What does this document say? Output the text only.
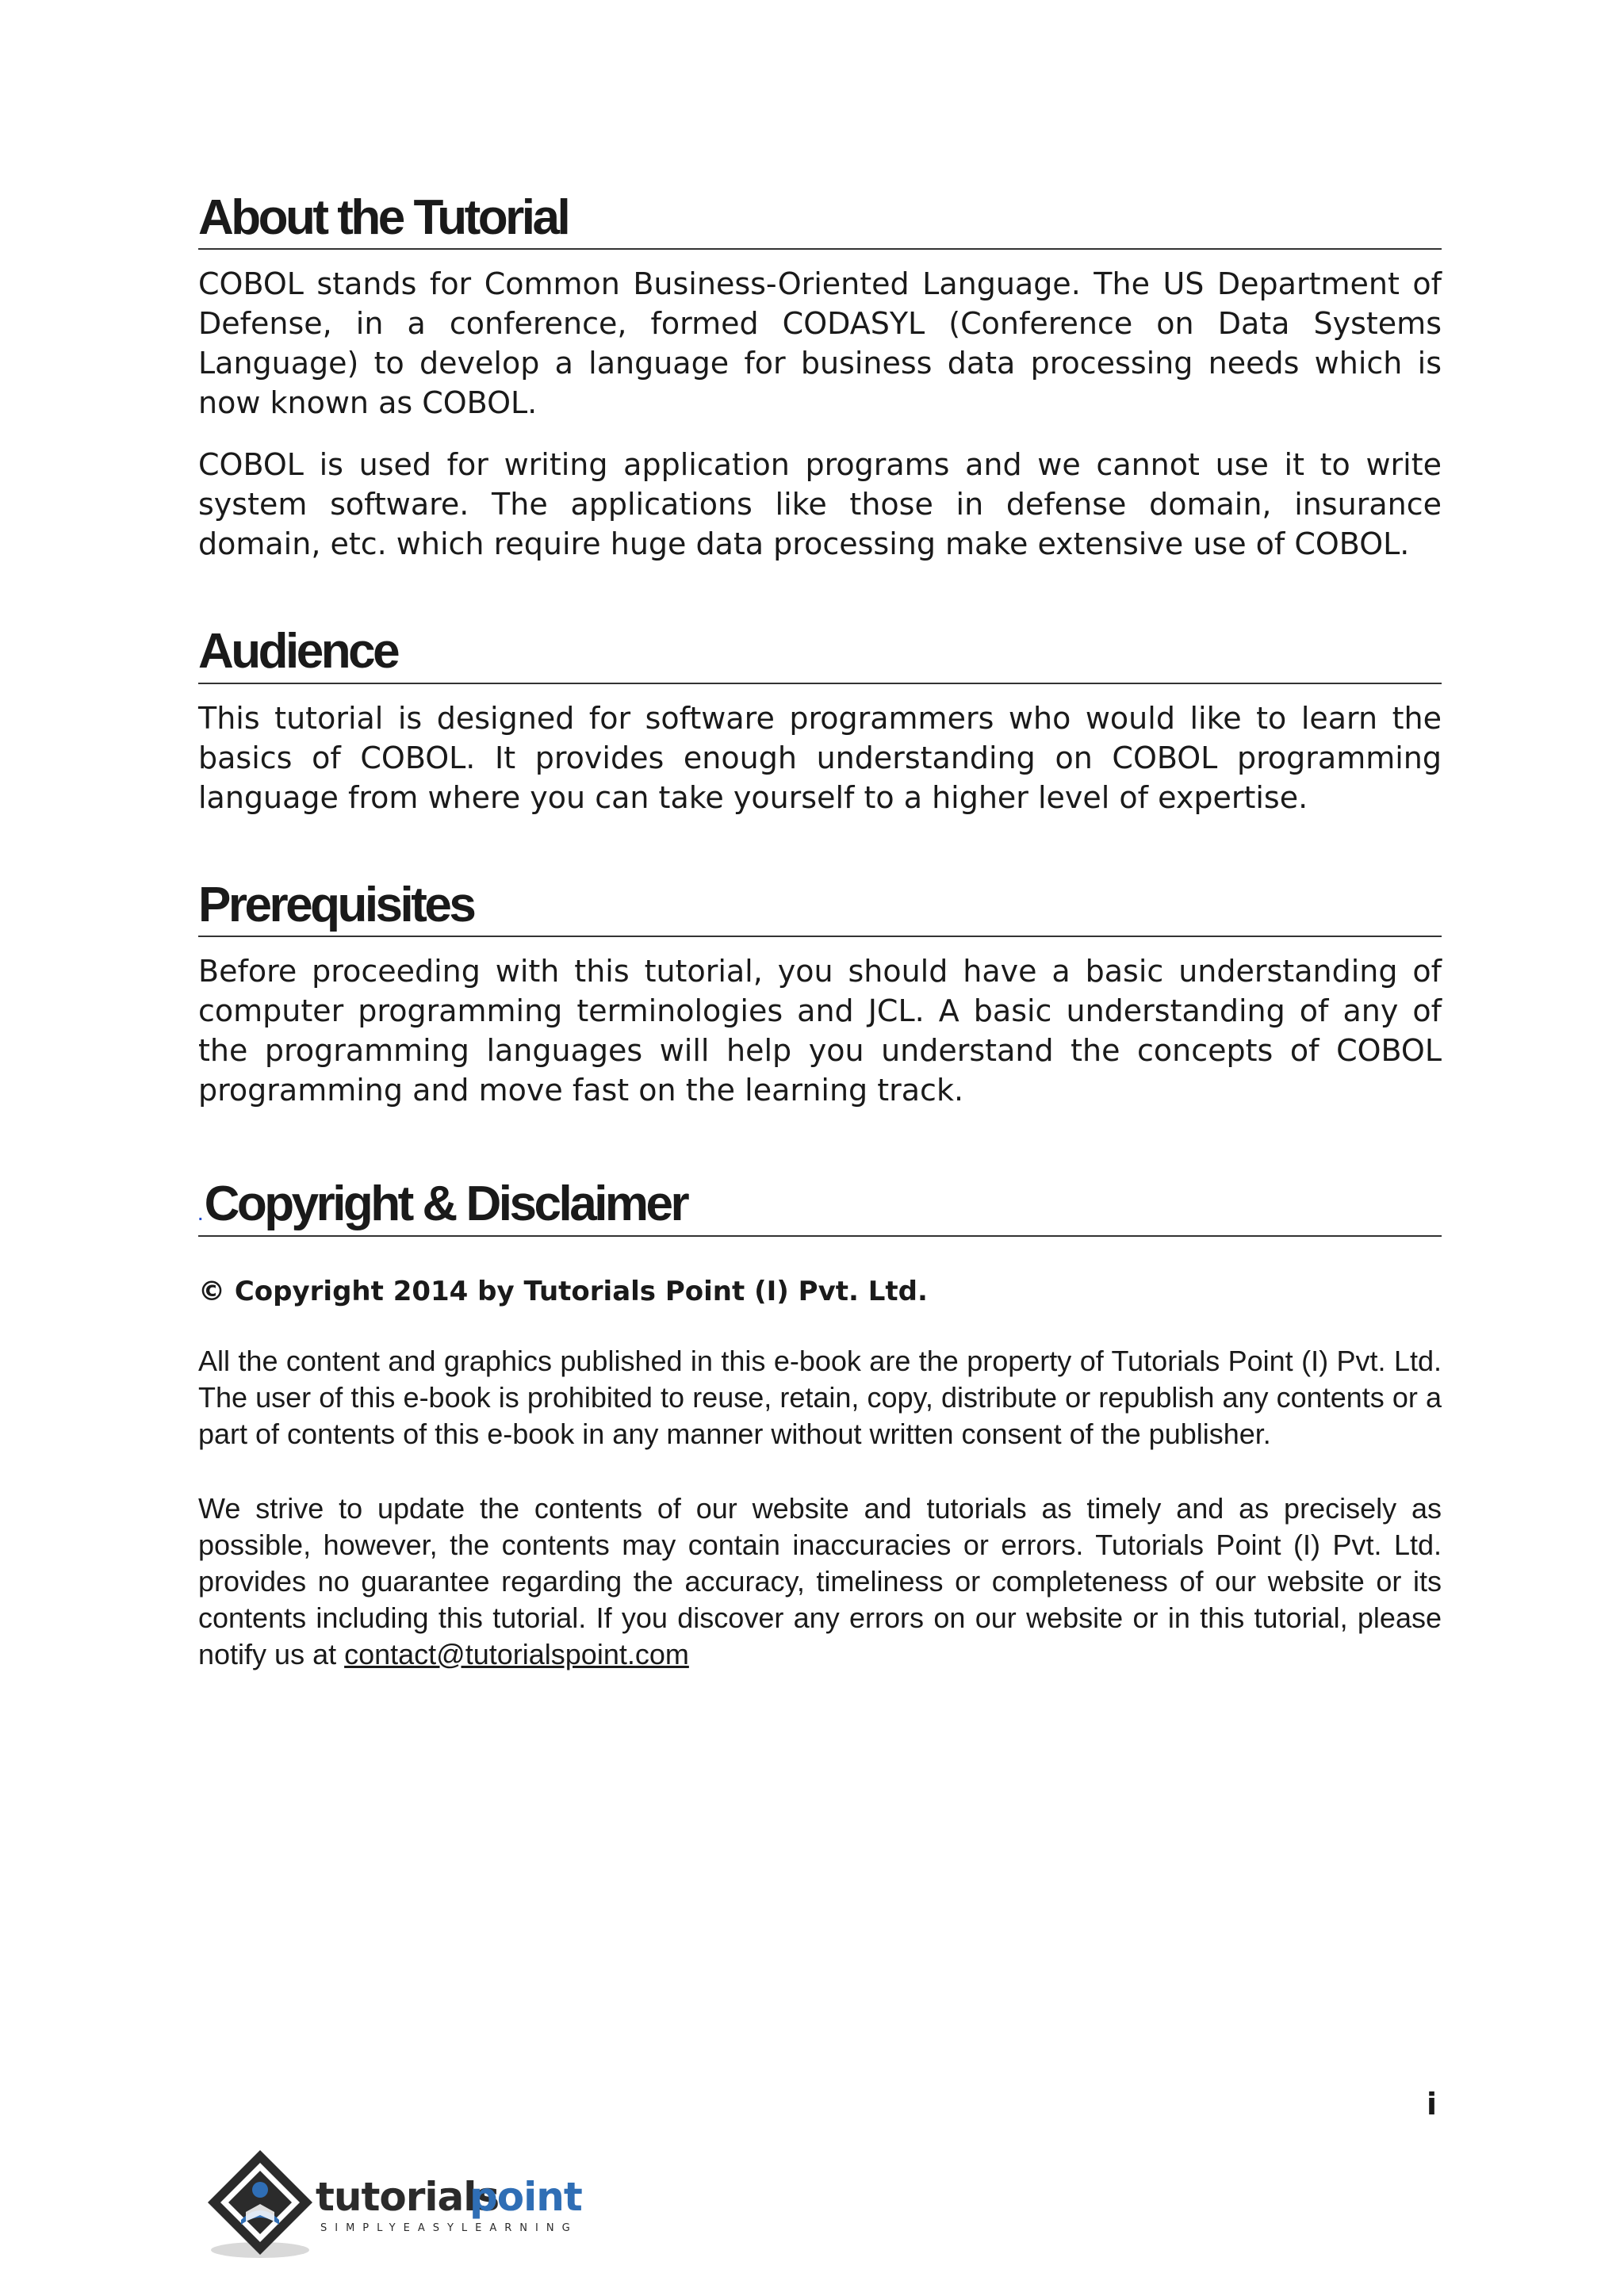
About the Tutorial

COBOL stands for Common Business-Oriented Language. The US Department of Defense, in a conference, formed CODASYL (Conference on Data Systems Language) to develop a language for business data processing needs which is now known as COBOL.

COBOL is used for writing application programs and we cannot use it to write system software. The applications like those in defense domain, insurance domain, etc. which require huge data processing make extensive use of COBOL.

Audience

This tutorial is designed for software programmers who would like to learn the basics of COBOL. It provides enough understanding on COBOL programming language from where you can take yourself to a higher level of expertise.

Prerequisites

Before proceeding with this tutorial, you should have a basic understanding of computer programming terminologies and JCL. A basic understanding of any of the programming languages will help you understand the concepts of COBOL programming and move fast on the learning track.

.Copyright & Disclaimer

© Copyright 2014 by Tutorials Point (I) Pvt. Ltd.

All the content and graphics published in this e-book are the property of Tutorials Point (I) Pvt. Ltd. The user of this e-book is prohibited to reuse, retain, copy, distribute or republish any contents or a part of contents of this e-book in any manner without written consent of the publisher.

We strive to update the contents of our website and tutorials as timely and as precisely as possible, however, the contents may contain inaccuracies or errors. Tutorials Point (I) Pvt. Ltd. provides no guarantee regarding the accuracy, timeliness or completeness of our website or its contents including this tutorial. If you discover any errors on our website or in this tutorial, please notify us at contact@tutorialspoint.com

i
tutorials
point
SIMPLYEASYLEARNING
